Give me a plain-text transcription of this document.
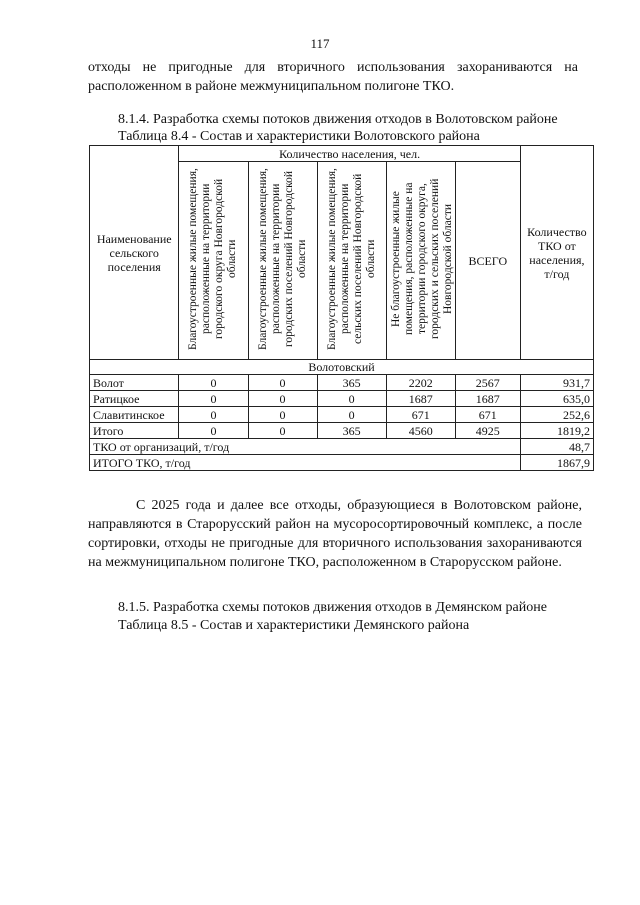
117

отходы не пригодные для вторичного использования захораниваются на расположенном в районе межмуниципальном полигоне ТКО.

8.1.4. Разработка схемы потоков движения отходов в Волотовском районе

Таблица 8.4 - Состав и характеристики Волотовского района

Наименование сельского поселения	Количество населения, чел.					Количество ТКО от населения, т/год
	Благоустроенные жилые помещения, расположенные на территории городского округа Новгородской области	Благоустроенные жилые помещения, расположенные на территории городских поселений Новгородской области	Благоустроенные жилые помещения, расположенные на территории сельских поселений Новгородской области	Не благоустроенные жилые помещения, расположенные на территории городского округа, городских и сельских поселений Новгородской области	ВСЕГО	
Волотовский						
Волот	0	0	365	2202	2567	931,7
Ратицкое	0	0	0	1687	1687	635,0
Славитинское	0	0	0	671	671	252,6
Итого	0	0	365	4560	4925	1819,2
ТКО от организаций, т/год						48,7
ИТОГО ТКО, т/год						1867,9

С 2025 года и далее все отходы, образующиеся в Волотовском районе, направляются в Старорусский район на мусоросортировочный комплекс, а после сортировки, отходы не пригодные для вторичного использования захораниваются на межмуниципальном полигоне ТКО, расположенном в Старорусском районе.

8.1.5. Разработка схемы потоков движения отходов в Демянском районе

Таблица 8.5 - Состав и характеристики Демянского района
